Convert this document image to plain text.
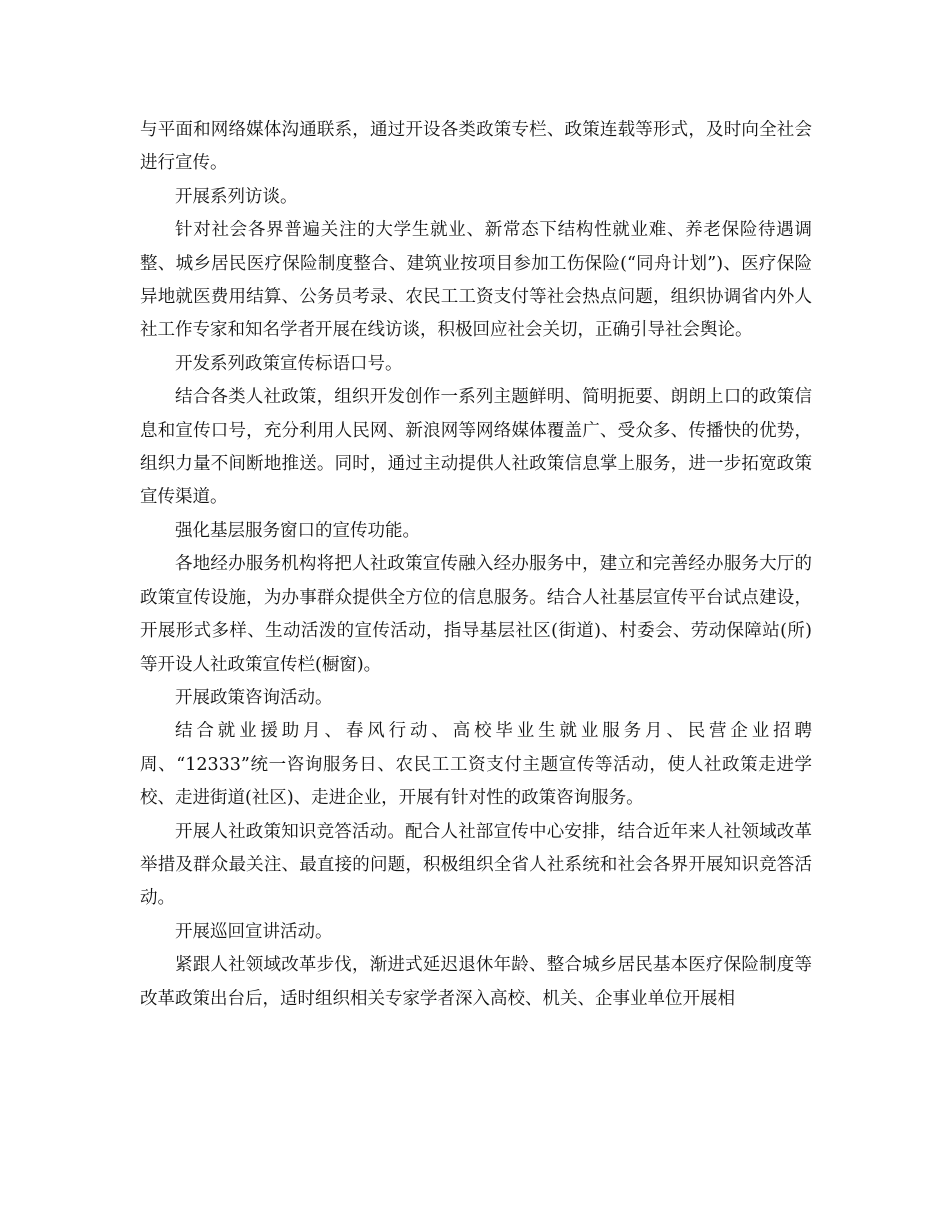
与平面和网络媒体沟通联系，通过开设各类政策专栏、政策连载等形式，及时向全社会进行宣传。

开展系列访谈。

针对社会各界普遍关注的大学生就业、新常态下结构性就业难、养老保险待遇调整、城乡居民医疗保险制度整合、建筑业按项目参加工伤保险(“同舟计划”)、医疗保险异地就医费用结算、公务员考录、农民工工资支付等社会热点问题，组织协调省内外人社工作专家和知名学者开展在线访谈，积极回应社会关切，正确引导社会舆论。

开发系列政策宣传标语口号。

结合各类人社政策，组织开发创作一系列主题鲜明、简明扼要、朗朗上口的政策信息和宣传口号，充分利用人民网、新浪网等网络媒体覆盖广、受众多、传播快的优势，组织力量不间断地推送。同时，通过主动提供人社政策信息掌上服务，进一步拓宽政策宣传渠道。

强化基层服务窗口的宣传功能。

各地经办服务机构将把人社政策宣传融入经办服务中，建立和完善经办服务大厅的政策宣传设施，为办事群众提供全方位的信息服务。结合人社基层宣传平台试点建设，开展形式多样、生动活泼的宣传活动，指导基层社区(街道)、村委会、劳动保障站(所)等开设人社政策宣传栏(橱窗)。

开展政策咨询活动。

结合就业援助月、春风行动、高校毕业生就业服务月、民营企业招聘周、“12333”统一咨询服务日、农民工工资支付主题宣传等活动，使人社政策走进学校、走进街道(社区)、走进企业，开展有针对性的政策咨询服务。

开展人社政策知识竞答活动。配合人社部宣传中心安排，结合近年来人社领域改革举措及群众最关注、最直接的问题，积极组织全省人社系统和社会各界开展知识竞答活动。

开展巡回宣讲活动。

紧跟人社领域改革步伐，渐进式延迟退休年龄、整合城乡居民基本医疗保险制度等改革政策出台后，适时组织相关专家学者深入高校、机关、企事业单位开展相
